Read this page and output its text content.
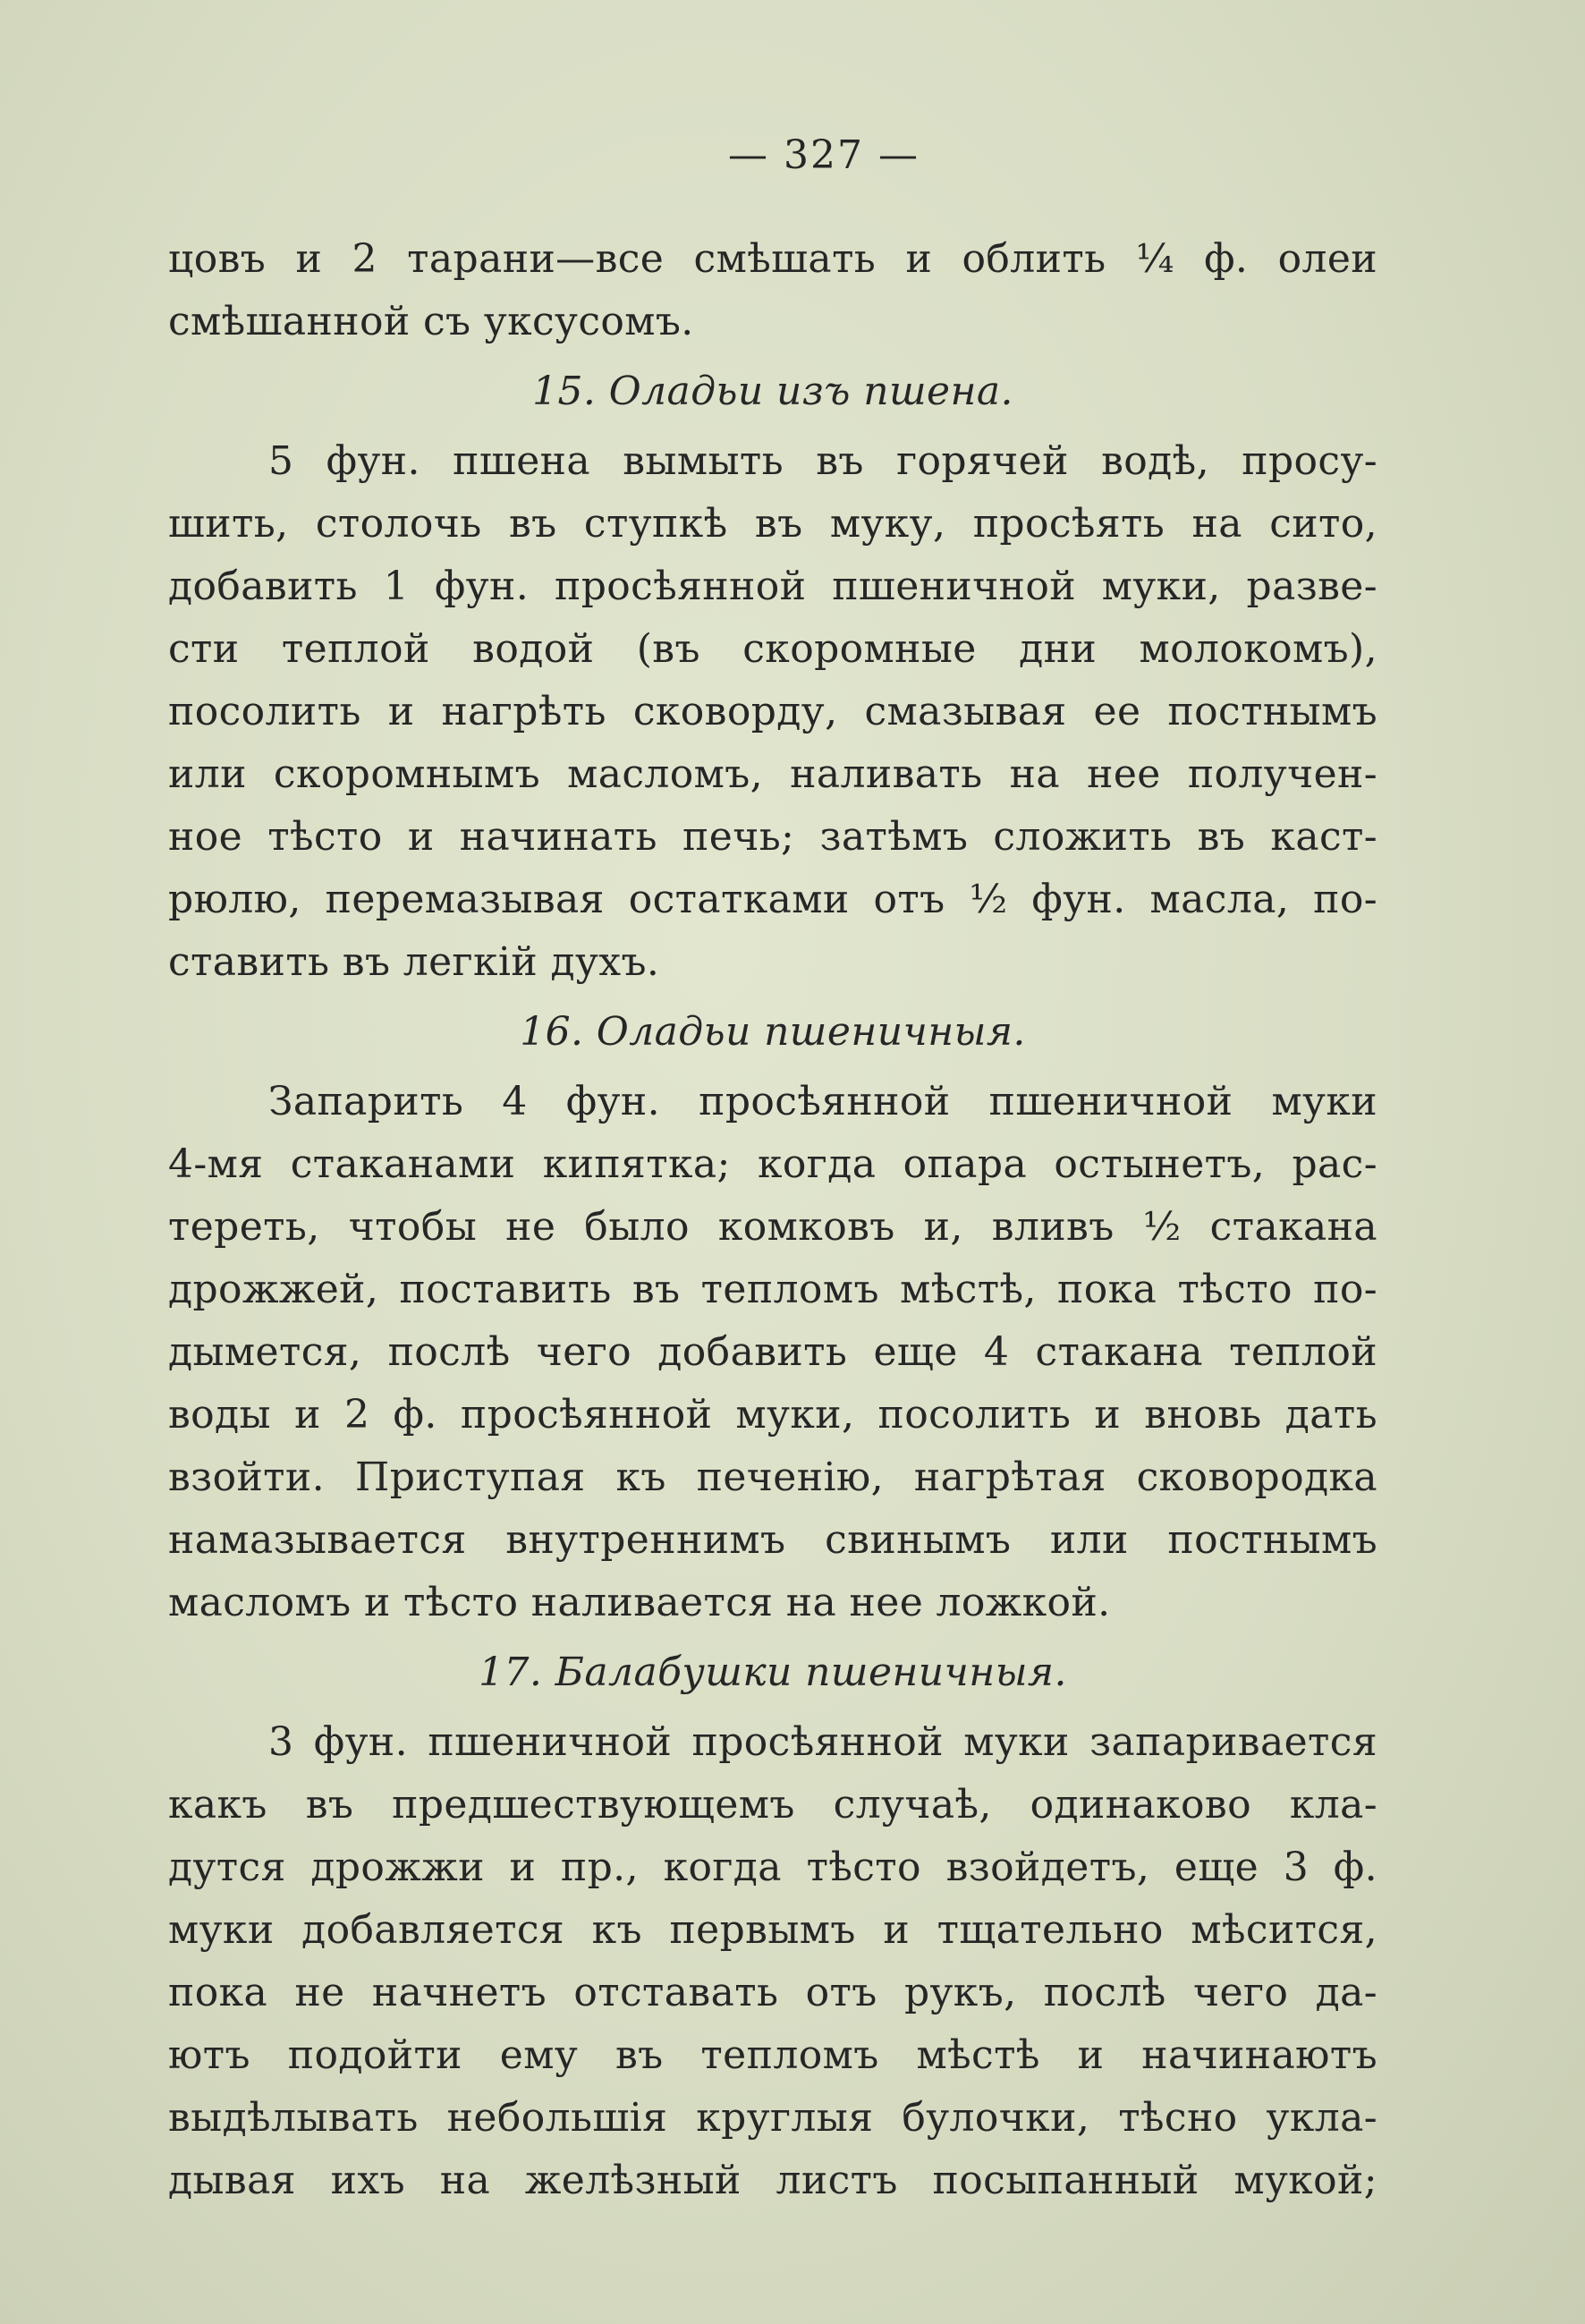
— 327 —
цовъ и 2 тарани—все смѣшать и облить ¼ ф. олеи
смѣшанной съ уксусомъ.
15. Оладьи изъ пшена.
5 фун. пшена вымыть въ горячей водѣ, просу-
шить, столочь въ ступкѣ въ муку, просѣять на сито,
добавить 1 фун. просѣянной пшеничной муки, разве-
сти теплой водой (въ скоромные дни молокомъ),
посолить и нагрѣть сковорду, смазывая ее постнымъ
или скоромнымъ масломъ, наливать на нее получен-
ное тѣсто и начинать печь; затѣмъ сложить въ каст-
рюлю, перемазывая остатками отъ ½ фун. масла, по-
ставить въ легкій духъ.
16. Оладьи пшеничныя.
Запарить 4 фун. просѣянной пшеничной муки
4-мя стаканами кипятка; когда опара остынетъ, рас-
тереть, чтобы не было комковъ и, вливъ ½ стакана
дрожжей, поставить въ тепломъ мѣстѣ, пока тѣсто по-
дымется, послѣ чего добавить еще 4 стакана теплой
воды и 2 ф. просѣянной муки, посолить и вновь дать
взойти. Приступая къ печенію, нагрѣтая сковородка
намазывается внутреннимъ свинымъ или постнымъ
масломъ и тѣсто наливается на нее ложкой.
17. Балабушки пшеничныя.
3 фун. пшеничной просѣянной муки запаривается
какъ въ предшествующемъ случаѣ, одинаково кла-
дутся дрожжи и пр., когда тѣсто взойдетъ, еще 3 ф.
муки добавляется къ первымъ и тщательно мѣсится,
пока не начнетъ отставать отъ рукъ, послѣ чего да-
ютъ подойти ему въ тепломъ мѣстѣ и начинаютъ
выдѣлывать небольшія круглыя булочки, тѣсно укла-
дывая ихъ на желѣзный листъ посыпанный мукой;
